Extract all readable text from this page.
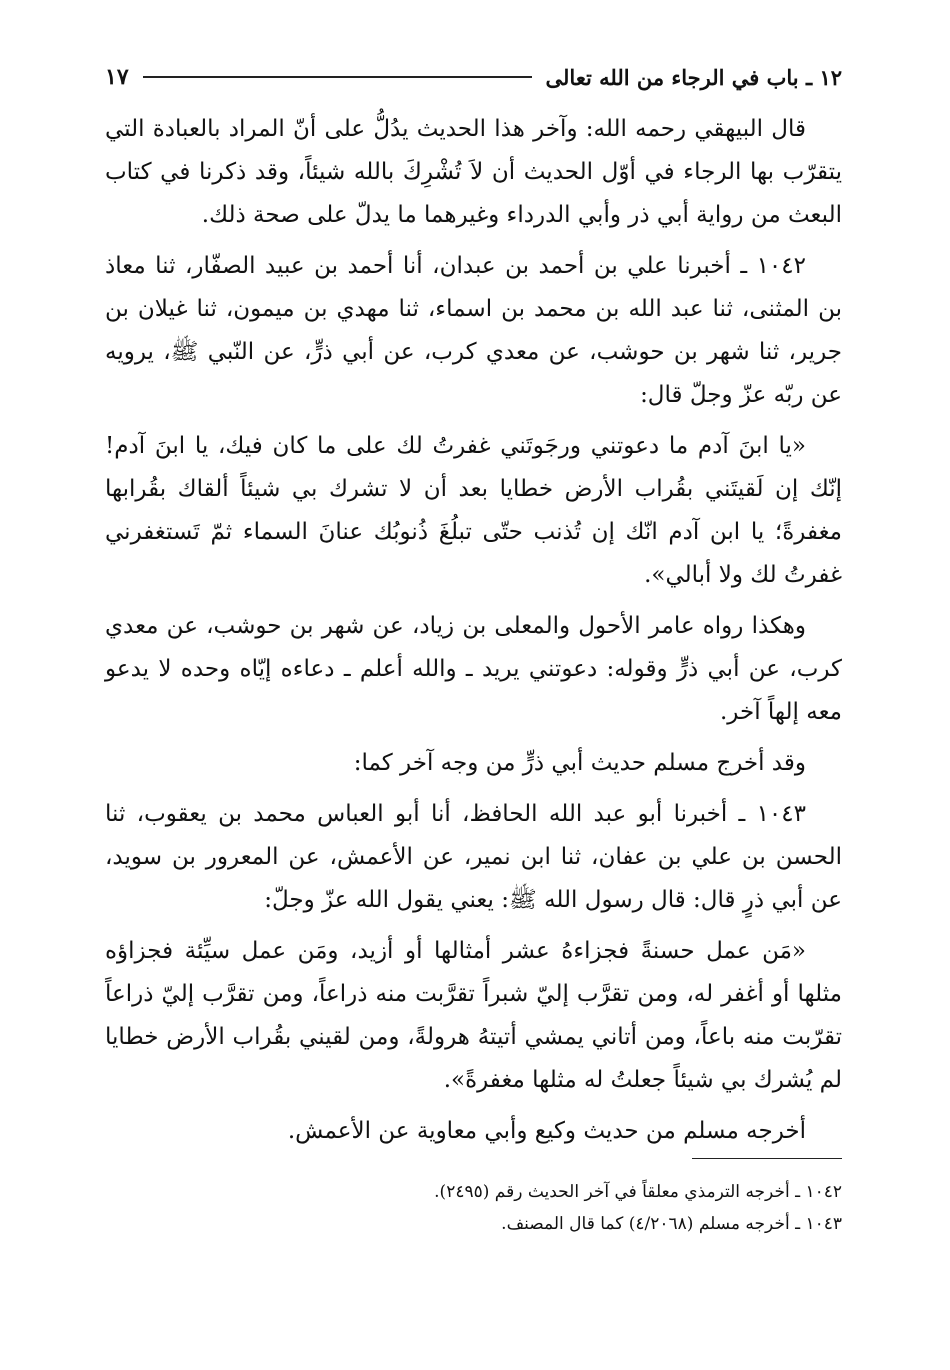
١٢ ـ باب في الرجاء من الله تعالى
١٧

قال البيهقي رحمه الله: وآخر هذا الحديث يدُلُّ على أنّ المراد بالعبادة التي يتقرّب بها الرجاء في أوّل الحديث أن لاَ تُشْرِكَ بالله شيئاً، وقد ذكرنا في كتاب البعث من رواية أبي ذر وأبي الدرداء وغيرهما ما يدلّ على صحة ذلك.

١٠٤٢ ـ أخبرنا علي بن أحمد بن عبدان، أنا أحمد بن عبيد الصفّار، ثنا معاذ بن المثنى، ثنا عبد الله بن محمد بن اسماء، ثنا مهدي بن ميمون، ثنا غيلان بن جرير، ثنا شهر بن حوشب، عن معدي كرب، عن أبي ذرٍّ، عن النّبي ﷺ، يرويه عن ربّه عزّ وجلّ قال:

«يا ابنَ آدم ما دعوتني ورجَوتَني غفرتُ لك على ما كان فيك، يا ابنَ آدم! إنّك إن لَقيتَني بقُراب الأرض خطايا بعد أن لا تشرك بي شيئاً ألقاك بقُرابها مغفرةً؛ يا ابن آدم انّك إن تُذنب حتّى تبلُغَ ذُنوبُك عنانَ السماء ثمّ تَستغفرني غفرتُ لك ولا أبالي».

وهكذا رواه عامر الأحول والمعلى بن زياد، عن شهر بن حوشب، عن معدي كرب، عن أبي ذرٍّ وقوله: دعوتني يريد ـ والله أعلم ـ دعاءه إيّاه وحده لا يدعو معه إلهاً آخر.

وقد أخرج مسلم حديث أبي ذرٍّ من وجه آخر كما:

١٠٤٣ ـ أخبرنا أبو عبد الله الحافظ، أنا أبو العباس محمد بن يعقوب، ثنا الحسن بن علي بن عفان، ثنا ابن نمير، عن الأعمش، عن المعرور بن سويد، عن أبي ذرٍ قال: قال رسول الله ﷺ: يعني يقول الله عزّ وجلّ:

«مَن عمل حسنةً فجزاءهُ عشر أمثالها أو أزيد، ومَن عمل سيِّئة فجزاؤه مثلها أو أغفر له، ومن تقرَّب إليّ شبراً تقرَّبت منه ذراعاً، ومن تقرَّب إليّ ذراعاً تقرّبت منه باعاً، ومن أتاني يمشي أتيتهُ هرولةً، ومن لقيني بقُراب الأرض خطايا لم يُشرك بي شيئاً جعلتُ له مثلها مغفرةً».

أخرجه مسلم من حديث وكيع وأبي معاوية عن الأعمش.

١٠٤٢ ـ أخرجه الترمذي معلقاً في آخر الحديث رقم (٢٤٩٥).

١٠٤٣ ـ أخرجه مسلم (٤/٢٠٦٨) كما قال المصنف.
